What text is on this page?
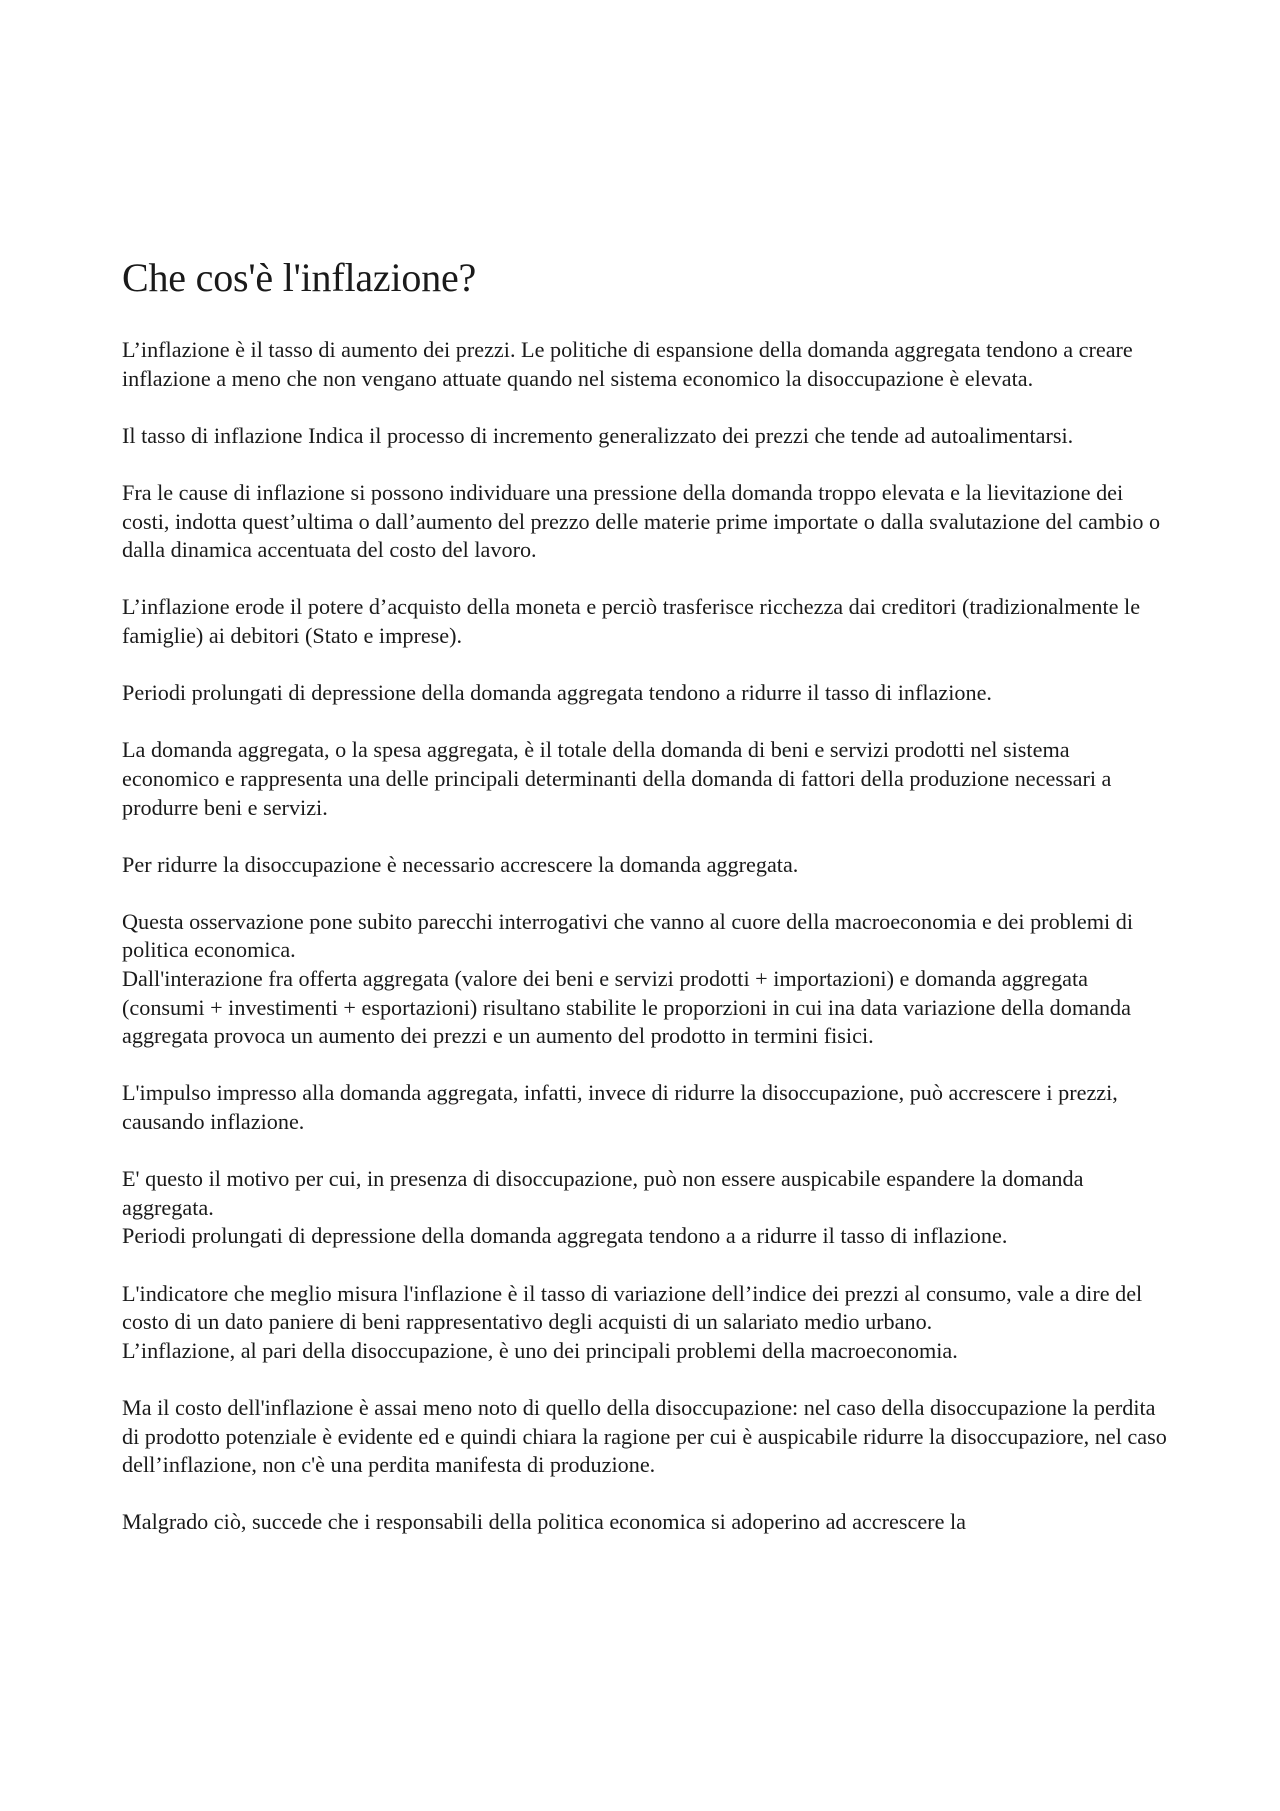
Che cos'è l'inflazione?

L’inflazione è il tasso di aumento dei prezzi. Le politiche di espansione della domanda aggregata tendono a creare inflazione a meno che non vengano attuate quando nel sistema economico la disoccupazione è elevata.

Il tasso di inflazione Indica il processo di incremento generalizzato dei prezzi che tende ad autoalimentarsi.

Fra le cause di inflazione si possono individuare una pressione della domanda troppo elevata e la lievitazione dei costi, indotta quest’ultima o dall’aumento del prezzo delle materie prime importate o dalla svalutazione del cambio o dalla dinamica accentuata del costo del lavoro.

L’inflazione erode il potere d’acquisto della moneta e perciò trasferisce ricchezza dai creditori (tradizionalmente le famiglie) ai debitori (Stato e imprese).

Periodi prolungati di depressione della domanda aggregata tendono a ridurre il tasso di inflazione.

La domanda aggregata, o la spesa aggregata, è il totale della domanda di beni e servizi prodotti nel sistema economico e rappresenta una delle principali determinanti della domanda di fattori della produzione necessari a produrre beni e servizi.

Per ridurre la disoccupazione è necessario accrescere la domanda aggregata.

Questa osservazione pone subito parecchi interrogativi che vanno al cuore della macroeconomia e dei problemi di politica economica.

Dall'interazione fra offerta aggregata (valore dei beni e servizi prodotti + importazioni) e domanda aggregata (consumi + investimenti + esportazioni) risultano stabilite le proporzioni in cui ina data variazione della domanda aggregata provoca un aumento dei prezzi e un aumento del prodotto in termini fisici.

L'impulso impresso alla domanda aggregata, infatti, invece di ridurre la disoccupazione, può accrescere i prezzi, causando inflazione.

E' questo il motivo per cui, in presenza di disoccupazione, può non essere auspicabile espandere la domanda aggregata.

Periodi prolungati di depressione della domanda aggregata tendono a a ridurre il tasso di inflazione.

L'indicatore che meglio misura l'inflazione è il tasso di variazione dell’indice dei prezzi al consumo, vale a dire del costo di un dato paniere di beni rappresentativo degli acquisti di un salariato medio urbano.

L’inflazione, al pari della disoccupazione, è uno dei principali problemi della macroeconomia.

Ma il costo dell'inflazione è assai meno noto di quello della disoccupazione: nel caso della disoccupazione la perdita di prodotto potenziale è evidente ed e quindi chiara la ragione per cui è auspicabile ridurre la disoccupaziore, nel caso dell’inflazione, non c'è una perdita manifesta di produzione.

Malgrado ciò, succede che i responsabili della politica economica si adoperino ad accrescere la
